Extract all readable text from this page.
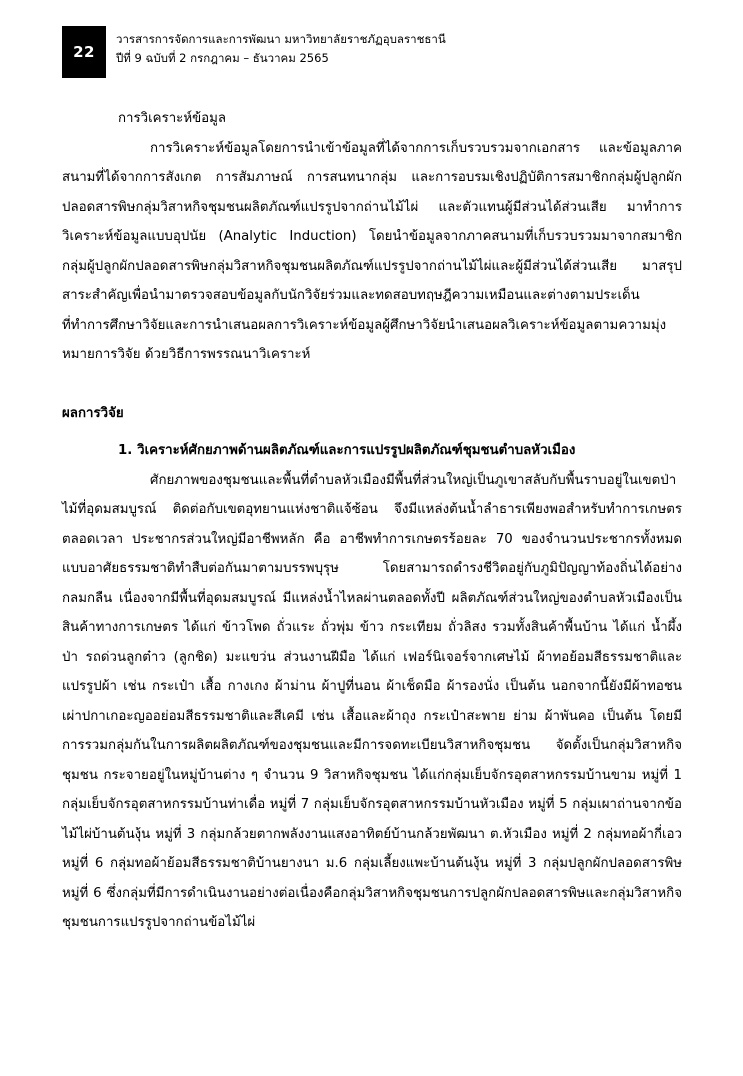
22
วารสารการจัดการและการพัฒนา มหาวิทยาลัยราชภัฏอุบลราชธานี
ปีที่ 9 ฉบับที่ 2 กรกฎาคม – ธันวาคม 2565

การวิเคราะห์ข้อมูล

การวิเคราะห์ข้อมูลโดยการนำเข้าข้อมูลที่ได้จากการเก็บรวบรวมจากเอกสาร และข้อมูลภาคสนามที่ได้จากการสังเกต การสัมภาษณ์ การสนทนากลุ่ม และการอบรมเชิงปฏิบัติการสมาชิกกลุ่มผู้ปลูกผักปลอดสารพิษกลุ่มวิสาหกิจชุมชนผลิตภัณฑ์แปรรูปจากถ่านไม้ไผ่ และตัวแทนผู้มีส่วนได้ส่วนเสีย มาทำการวิเคราะห์ข้อมูลแบบอุปนัย (Analytic Induction) โดยนำข้อมูลจากภาคสนามที่เก็บรวบรวมมาจากสมาชิกกลุ่มผู้ปลูกผักปลอดสารพิษกลุ่มวิสาหกิจชุมชนผลิตภัณฑ์แปรรูปจากถ่านไม้ไผ่และผู้มีส่วนได้ส่วนเสีย มาสรุปสาระสำคัญเพื่อนำมาตรวจสอบข้อมูลกับนักวิจัยร่วมและทดสอบทฤษฎีความเหมือนและต่างตามประเด็นที่ทำการศึกษาวิจัยและการนำเสนอผลการวิเคราะห์ข้อมูลผู้ศึกษาวิจัยนำเสนอผลวิเคราะห์ข้อมูลตามความมุ่งหมายการวิจัย ด้วยวิธีการพรรณนาวิเคราะห์

ผลการวิจัย

1. วิเคราะห์ศักยภาพด้านผลิตภัณฑ์และการแปรรูปผลิตภัณฑ์ชุมชนตำบลหัวเมือง

ศักยภาพของชุมชนและพื้นที่ตำบลหัวเมืองมีพื้นที่ส่วนใหญ่เป็นภูเขาสลับกับพื้นราบอยู่ในเขตป่าไม้ที่อุดมสมบูรณ์ ติดต่อกับเขตอุทยานแห่งชาติแจ้ซ้อน จึงมีแหล่งต้นน้ำลำธารเพียงพอสำหรับทำการเกษตร ตลอดเวลา ประชากรส่วนใหญ่มีอาชีพหลัก คือ อาชีพทำการเกษตรร้อยละ 70 ของจำนวนประชากรทั้งหมด แบบอาศัยธรรมชาติทำสืบต่อกันมาตามบรรพบุรุษ โดยสามารถดำรงชีวิตอยู่กับภูมิปัญญาท้องถิ่นได้อย่างกลมกลืน เนื่องจากมีพื้นที่อุดมสมบูรณ์ มีแหล่งน้ำไหลผ่านตลอดทั้งปี ผลิตภัณฑ์ส่วนใหญ่ของตำบลหัวเมืองเป็นสินค้าทางการเกษตร ได้แก่ ข้าวโพด ถั่วแระ ถั่วพุ่ม ข้าว กระเทียม ถั่วลิสง รวมทั้งสินค้าพื้นบ้าน ได้แก่ น้ำผึ้งป่า รถด่วนลูกต๋าว (ลูกชิด) มะแขว่น ส่วนงานฝีมือ ได้แก่ เฟอร์นิเจอร์จากเศษไม้ ผ้าทอย้อมสีธรรมชาติและแปรรูปผ้า เช่น กระเป๋า เสื้อ กางเกง ผ้าม่าน ผ้าปูที่นอน ผ้าเช็ดมือ ผ้ารองนั่ง เป็นต้น นอกจากนี้ยังมีผ้าทอชนเผ่าปกาเกอะญออย่อมสีธรรมชาติและสีเคมี เช่น เสื้อและผ้าถุง กระเป๋าสะพาย ย่าม ผ้าพันคอ เป็นต้น โดยมีการรวมกลุ่มกันในการผลิตผลิตภัณฑ์ของชุมชนและมีการจดทะเบียนวิสาหกิจชุมชน จัดตั้งเป็นกลุ่มวิสาหกิจชุมชน กระจายอยู่ในหมู่บ้านต่าง ๆ จำนวน 9 วิสาหกิจชุมชน ได้แก่กลุ่มเย็บจักรอุตสาหกรรมบ้านขาม หมู่ที่ 1 กลุ่มเย็บจักรอุตสาหกรรมบ้านท่าเดื่อ หมู่ที่ 7 กลุ่มเย็บจักรอุตสาหกรรมบ้านหัวเมือง หมู่ที่ 5 กลุ่มเผาถ่านจากข้อไม้ไผ่บ้านต้นงุ้น หมู่ที่ 3 กลุ่มกล้วยตากพลังงานแสงอาทิตย์บ้านกล้วยพัฒนา ต.หัวเมือง หมู่ที่ 2 กลุ่มทอผ้ากี่เอว หมู่ที่ 6 กลุ่มทอผ้าย้อมสีธรรมชาติบ้านยางนา ม.6 กลุ่มเลี้ยงแพะบ้านต้นงุ้น หมู่ที่ 3 กลุ่มปลูกผักปลอดสารพิษ หมู่ที่ 6 ซึ่งกลุ่มที่มีการดำเนินงานอย่างต่อเนื่องคือกลุ่มวิสาหกิจชุมชนการปลูกผักปลอดสารพิษและกลุ่มวิสาหกิจชุมชนการแปรรูปจากถ่านข้อไม้ไผ่
